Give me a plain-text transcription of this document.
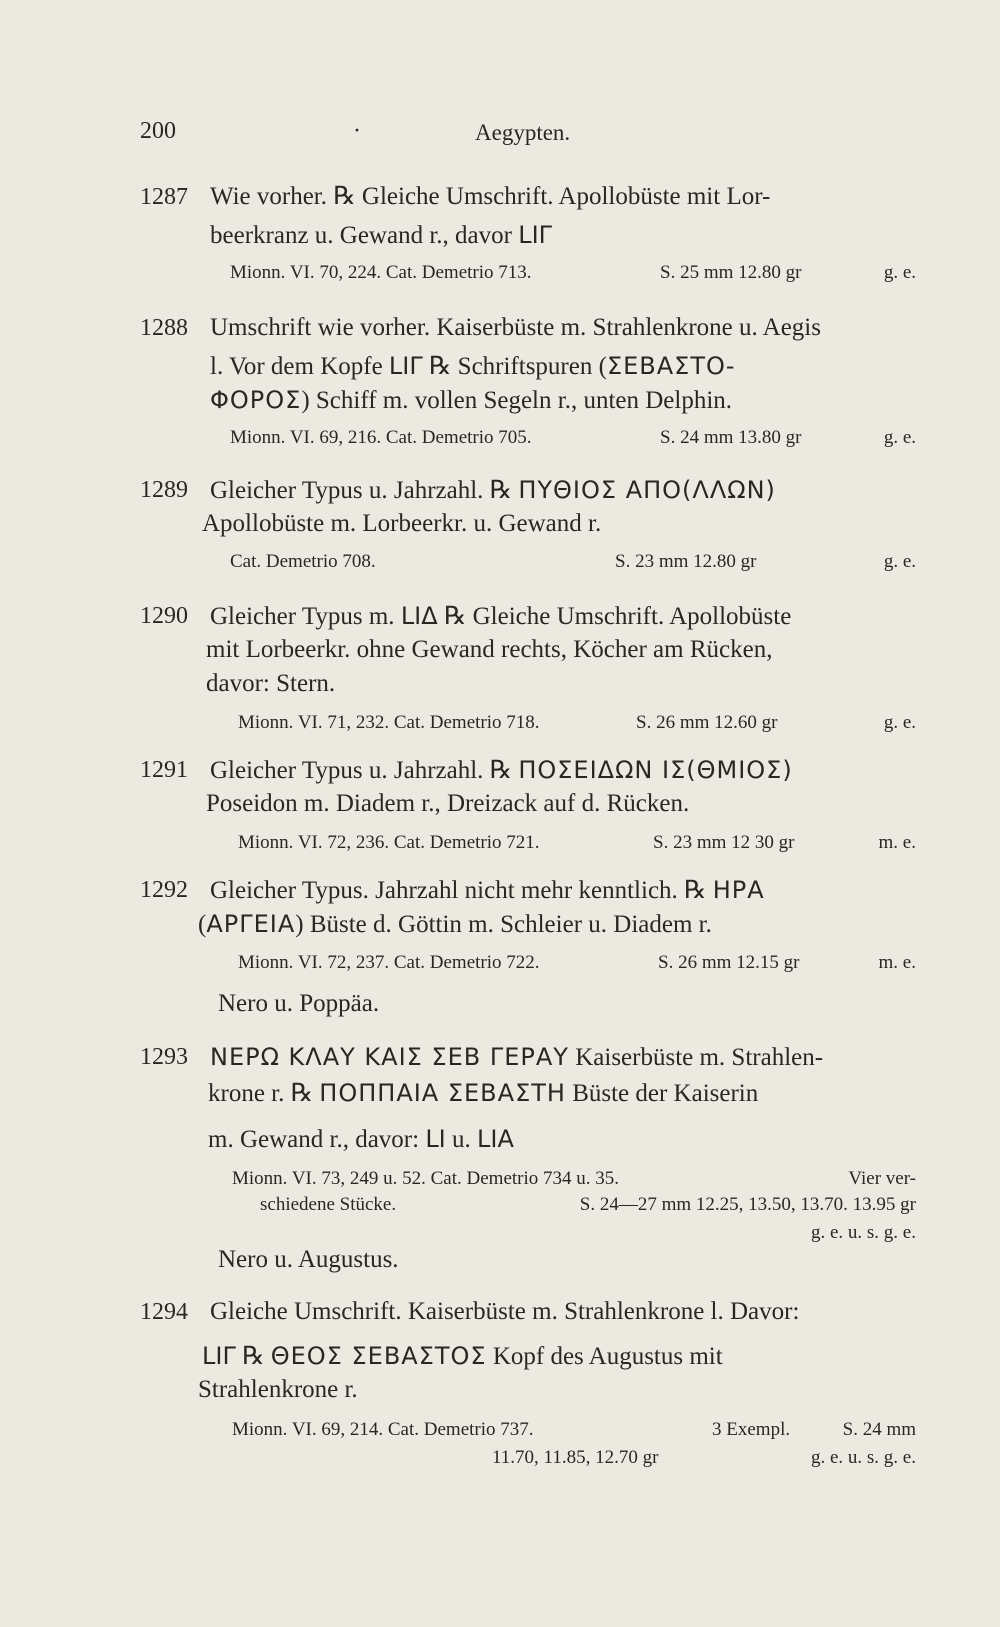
200	·	Aegypten.
1287 Wie vorher. ℞ Gleiche Umschrift. Apollobüste mit Lor-
beerkranz u. Gewand r., davor LΙΓ
Mionn. VI. 70, 224. Cat. Demetrio 713.	S. 25 mm 12.80 gr	g. e.
1288 Umschrift wie vorher. Kaiserbüste m. Strahlenkrone u. Aegis
l. Vor dem Kopfe LΙΓ ℞ Schriftspuren (ΣΕΒΑΣΤΟ-
ΦΟΡΟΣ) Schiff m. vollen Segeln r., unten Delphin.
Mionn. VI. 69, 216. Cat. Demetrio 705.	S. 24 mm 13.80 gr	g. e.
1289 Gleicher Typus u. Jahrzahl. ℞ ΠΥΘΙΟΣ ΑΠΟ(ΛΛΩΝ)
Apollobüste m. Lorbeerkr. u. Gewand r.
Cat. Demetrio 708.	S. 23 mm 12.80 gr	g. e.
1290 Gleicher Typus m. LΙΔ ℞ Gleiche Umschrift. Apollobüste
mit Lorbeerkr. ohne Gewand rechts, Köcher am Rücken,
davor: Stern.
Mionn. VI. 71, 232. Cat. Demetrio 718.	S. 26 mm 12.60 gr	g. e.
1291 Gleicher Typus u. Jahrzahl. ℞ ΠΟΣΕΙΔΩΝ ΙΣ(ΘΜΙΟΣ)
Poseidon m. Diadem r., Dreizack auf d. Rücken.
Mionn. VI. 72, 236. Cat. Demetrio 721.	S. 23 mm 12 30 gr	m. e.
1292 Gleicher Typus. Jahrzahl nicht mehr kenntlich. ℞ ΗΡΑ
(ΑΡΓΕΙΑ) Büste d. Göttin m. Schleier u. Diadem r.
Mionn. VI. 72, 237. Cat. Demetrio 722.	S. 26 mm 12.15 gr	m. e.
Nero u. Poppäa.
1293 ΝΕΡΩ ΚΛΑΥ ΚΑΙΣ ΣΕΒ ΓΕΡΑΥ Kaiserbüste m. Strahlen-
krone r. ℞ ΠΟΠΠΑΙΑ ΣΕΒΑΣΤΗ Büste der Kaiserin
m. Gewand r., davor: LΙ u. LΙΑ
Mionn. VI. 73, 249 u. 52. Cat. Demetrio 734 u. 35.	Vier ver-
schiedene Stücke.	S. 24—27 mm 12.25, 13.50, 13.70. 13.95 gr
g. e. u. s. g. e.
Nero u. Augustus.
1294 Gleiche Umschrift. Kaiserbüste m. Strahlenkrone l. Davor:
LΙΓ ℞ ΘΕΟΣ ΣΕΒΑΣΤΟΣ Kopf des Augustus mit
Strahlenkrone r.
Mionn. VI. 69, 214. Cat. Demetrio 737.	3 Exempl.	S. 24 mm
11.70, 11.85, 12.70 gr	g. e. u. s. g. e.
